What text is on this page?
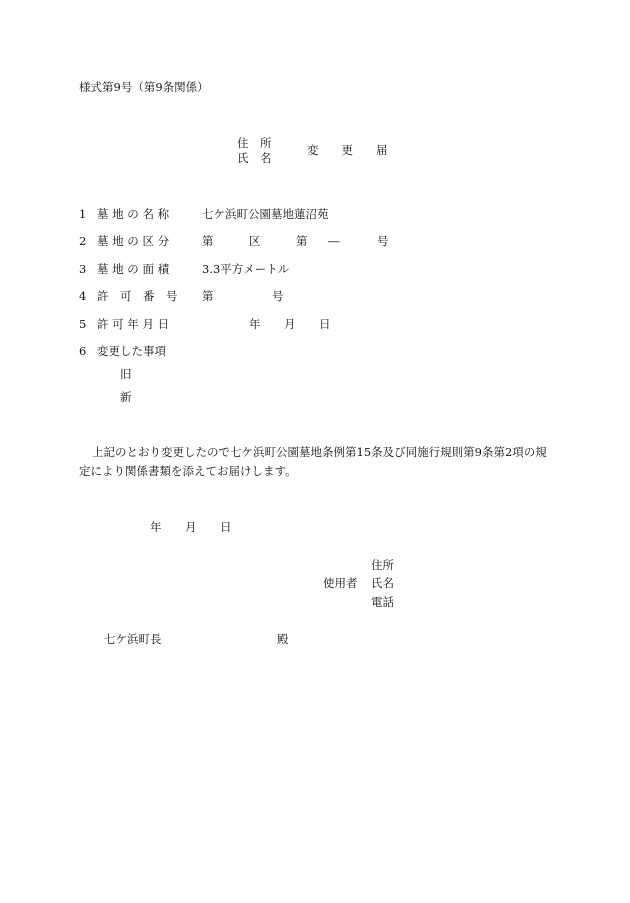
様式第9号（第9条関係）
住　所
氏　名
変　　更　　届
1 墓 地 の 名 称	七ケ浜町公園墓地蓮沼苑
2 墓 地 の 区 分	第	区	第 ―	号
3 墓 地 の 面 積	3.3平方メートル
4 許　可　番　号 第	号
5 許 可 年 月 日	年 月 日
6 変更した事項
旧
新
上記のとおり変更したので七ケ浜町公園墓地条例第15条及び同施行規則第9条第2項の規
定により関係書類を添えてお届けします。
年 月 日
住所
使用者 氏名
電話
七ケ浜町長	殿
